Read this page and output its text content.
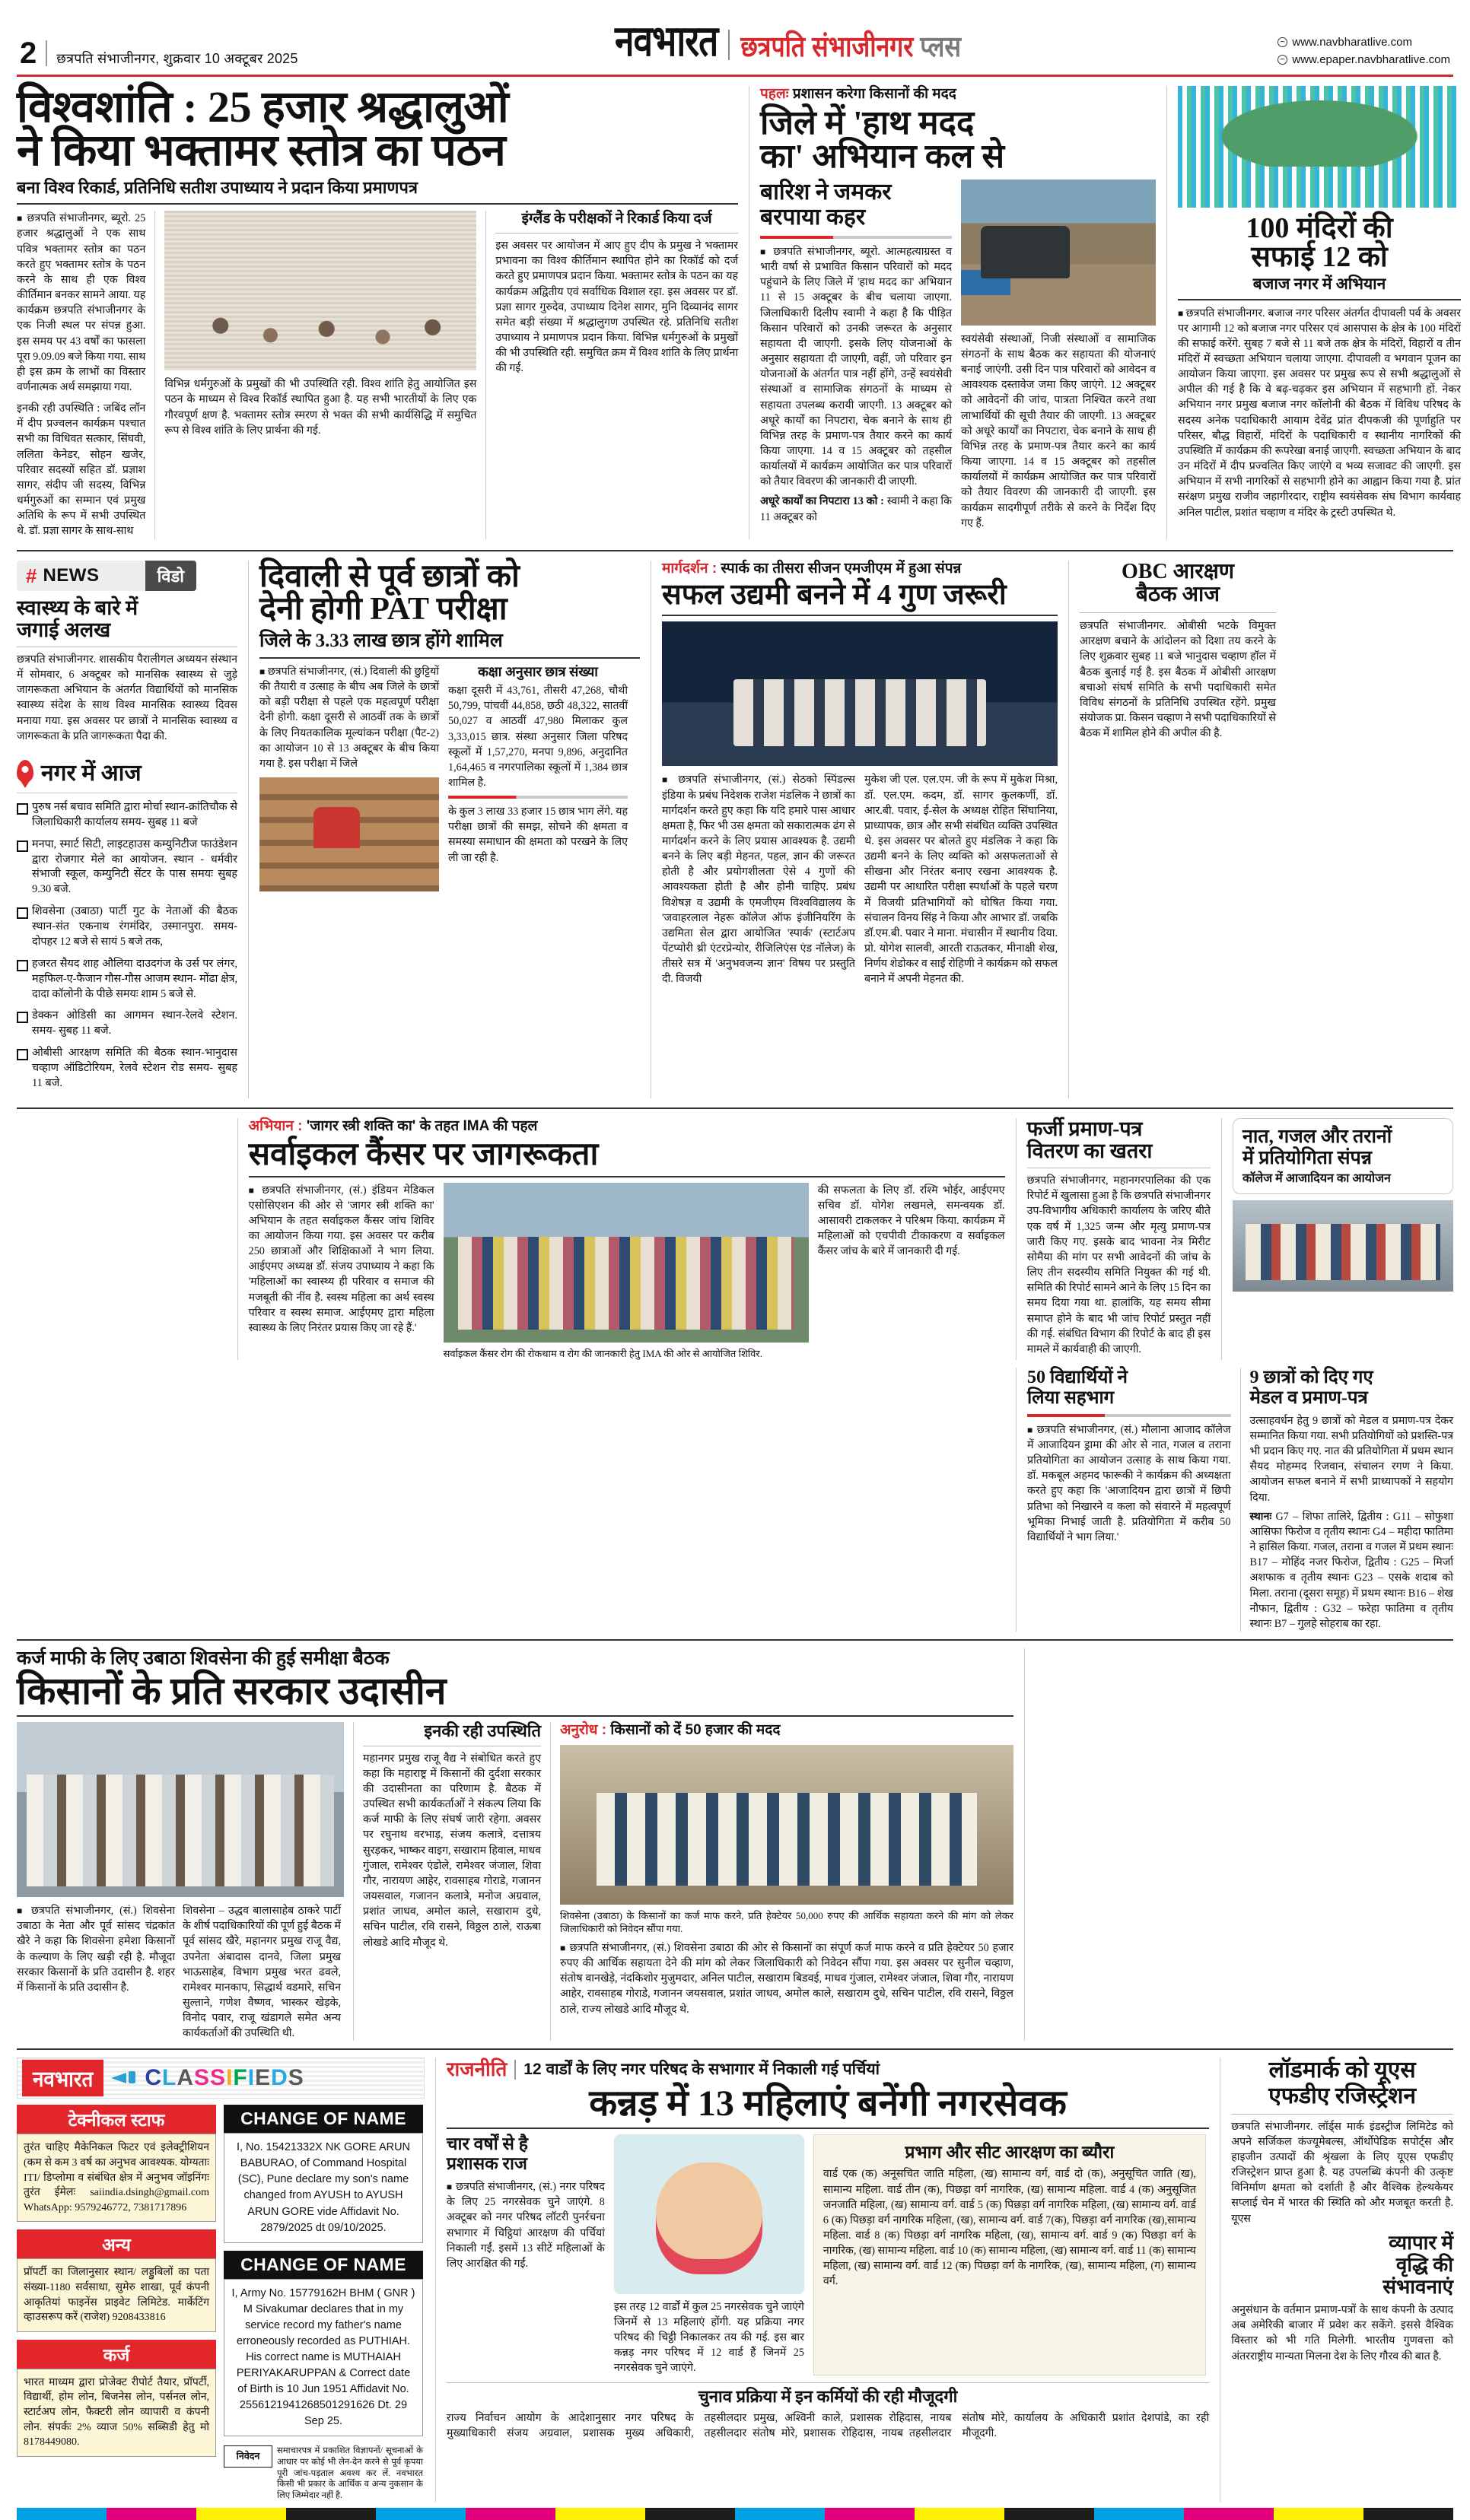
2 छत्रपति संभाजीनगर, शुक्रवार 10 अक्टूबर 2025	नवभारत छत्रपति संभाजीनगर प्लस	www.navbharatlive.com
www.epaper.navbharatlive.com
विश्वशांति : 25 हजार श्रद्धालुओं
ने किया भक्तामर स्तोत्र का पठन
बना विश्व रिकार्ड, प्रतिनिधि सतीश उपाध्याय ने प्रदान किया प्रमाणपत्र

■ छत्रपति संभाजीनगर, ब्यूरो. 25 हजार श्रद्धालुओं ने एक साथ पवित्र भक्तामर स्तोत्र का पठन करते हुए भक्तामर स्तोत्र के पठन करने के साथ ही एक विश्व कीर्तिमान बनकर सामने आया. यह कार्यक्रम छत्रपति संभाजीनगर के एक निजी स्थल पर संपन्न हुआ. इस समय पर 43 वर्षों का फासला पूरा 9.09.09 बजे किया गया. साथ ही इस क्रम के लाभों का विस्तार वर्णनात्मक अर्थ समझाया गया.

इनकी रही उपस्थिति : जबिंद लॉन में दीप प्रज्वलन कार्यक्रम पश्चात सभी का विधिवत सत्कार, सिंघवी, ललिता केनेडर, सोहन खजेर, परिवार सदस्यों सहित डॉ. प्रज्ञाश सागर, संदीप जी सदस्य, विभिन्न धर्मगुरुओं का सम्मान एवं प्रमुख अतिथि के रूप में सभी उपस्थित थे. डॉ. प्रज्ञा सागर के साथ-साथ

विभिन्न धर्मगुरुओं के प्रमुखों की भी उपस्थिति रही. विश्व शांति हेतु आयोजित इस पठन के माध्यम से विश्व रिकॉर्ड स्थापित हुआ है. यह सभी भारतीयों के लिए एक गौरवपूर्ण क्षण है. भक्तामर स्तोत्र स्मरण से भक्त की सभी कार्यसिद्धि में समुचित रूप से विश्व शांति के लिए प्रार्थना की गई.

इंग्लैंड के परीक्षकों ने रिकार्ड किया दर्ज

इस अवसर पर आयोजन में आए हुए दीप के प्रमुख ने भक्तामर प्रभावना का विश्व कीर्तिमान स्थापित होने का रिकॉर्ड को दर्ज करते हुए प्रमाणपत्र प्रदान किया. भक्तामर स्तोत्र के पठन का यह कार्यक्रम अद्वितीय एवं सर्वाधिक विशाल रहा. इस अवसर पर डॉ. प्रज्ञा सागर गुरुदेव, उपाध्याय दिनेश सागर, मुनि दिव्यानंद सागर समेत बड़ी संख्या में श्रद्धालुगण उपस्थित रहे. प्रतिनिधि सतीश उपाध्याय ने प्रमाणपत्र प्रदान किया. विभिन्न धर्मगुरुओं के प्रमुखों की भी उपस्थिति रही. समुचित क्रम में विश्व शांति के लिए प्रार्थना की गई.

पहलः प्रशासन करेगा किसानों की मदद
जिले में 'हाथ मदद
का' अभियान कल से
बारिश ने जमकर
बरपाया कहर

■ छत्रपति संभाजीनगर, ब्यूरो. आत्महत्याग्रस्त व भारी वर्षा से प्रभावित किसान परिवारों को मदद पहुंचाने के लिए जिले में 'हाथ मदद का' अभियान 11 से 15 अक्टूबर के बीच चलाया जाएगा. जिलाधिकारी दिलीप स्वामी ने कहा है कि पीड़ित किसान परिवारों को उनकी जरूरत के अनुसार सहायता दी जाएगी. इसके लिए योजनाओं के अनुसार सहायता दी जाएगी, वहीं, जो परिवार इन योजनाओं के अंतर्गत पात्र नहीं होंगे, उन्हें स्वयंसेवी संस्थाओं व सामाजिक संगठनों के माध्यम से सहायता उपलब्ध करायी जाएगी. 13 अक्टूबर को अधूरे कार्यों का निपटारा, चेक बनाने के साथ ही विभिन्न तरह के प्रमाण-पत्र तैयार करने का कार्य किया जाएगा. 14 व 15 अक्टूबर को तहसील कार्यालयों में कार्यक्रम आयोजित कर पात्र परिवारों को तैयार विवरण की जानकारी दी जाएगी.

अधूरे कार्यों का निपटारा 13 को : स्वामी ने कहा कि 11 अक्टूबर को

स्वयंसेवी संस्थाओं, निजी संस्थाओं व सामाजिक संगठनों के साथ बैठक कर सहायता की योजनाएं बनाई जाएंगी. उसी दिन पात्र परिवारों को आवेदन व आवश्यक दस्तावेज जमा किए जाएंगे. 12 अक्टूबर को आवेदनों की जांच, पात्रता निश्चित करने तथा लाभार्थियों की सूची तैयार की जाएगी. 13 अक्टूबर को अधूरे कार्यों का निपटारा, चेक बनाने के साथ ही विभिन्न तरह के प्रमाण-पत्र तैयार करने का कार्य किया जाएगा. 14 व 15 अक्टूबर को तहसील कार्यालयों में कार्यक्रम आयोजित कर पात्र परिवारों को तैयार विवरण की जानकारी दी जाएगी. इस कार्यक्रम सादगीपूर्ण तरीके से करने के निर्देश दिए गए हैं.

100 मंदिरों की
सफाई 12 को
बजाज नगर में अभियान

■ छत्रपति संभाजीनगर. बजाज नगर परिसर अंतर्गत दीपावली पर्व के अवसर पर आगामी 12 को बजाज नगर परिसर एवं आसपास के क्षेत्र के 100 मंदिरों की सफाई करेंगे. सुबह 7 बजे से 11 बजे तक क्षेत्र के मंदिरों, विहारों व तीन मंदिरों में स्वच्छता अभियान चलाया जाएगा. दीपावली व भगवान पूजन का आयोजन किया जाएगा. इस अवसर पर प्रमुख रूप से सभी श्रद्धालुओं से अपील की गई है कि वे बढ़-चढ़कर इस अभियान में सहभागी हों. नेकर अभियान नगर प्रमुख बजाज नगर कॉलोनी की बैठक में विविध परिषद के सदस्य अनेक पदाधिकारी आयाम देवेंद्र प्रांत दीपकजी की पूर्णाहुति पर परिसर, बौद्ध विहारों, मंदिरों के पदाधिकारी व स्थानीय नागरिकों की उपस्थिति में कार्यक्रम की रूपरेखा बनाई जाएगी. स्वच्छता अभियान के बाद उन मंदिरों में दीप प्रज्वलित किए जाएंगे व भव्य सजावट की जाएगी. इस अभियान में सभी नागरिकों से सहभागी होने का आह्वान किया गया है. प्रांत सरंक्षण प्रमुख राजीव जहागीरदार, राष्ट्रीय स्वयंसेवक संघ विभाग कार्यवाह अनिल पाटील, प्रशांत चव्हाण व मंदिर के ट्रस्टी उपस्थित थे.

# NEWS	विडो
स्वास्थ्य के बारे में
जगाई अलख

छत्रपति संभाजीनगर. शासकीय पैरालीगल अध्ययन संस्थान में सोमवार, 6 अक्टूबर को मानसिक स्वास्थ्य से जुड़े जागरूकता अभियान के अंतर्गत विद्यार्थियों को मानसिक स्वास्थ्य संदेश के साथ विश्व मानसिक स्वास्थ्य दिवस मनाया गया. इस अवसर पर छात्रों ने मानसिक स्वास्थ्य व जागरूकता के प्रति जागरूकता पैदा की.

नगर में आज
पुरुष नर्स बचाव समिति द्वारा मोर्चा स्थान-क्रांतिचौक से जिलाधिकारी कार्यालय समय- सुबह 11 बजे
मनपा, स्मार्ट सिटी, लाइटहाउस कम्युनिटीज फाउंडेशन द्वारा रोजगार मेले का आयोजन. स्थान - धर्मवीर संभाजी स्कूल, कम्युनिटी सेंटर के पास समयः सुबह 9.30 बजे.
शिवसेना (उबाठा) पार्टी गुट के नेताओं की बैठक स्थान-संत एकनाथ रंगमंदिर, उस्मानपुरा. समय- दोपहर 12 बजे से सायं 5 बजे तक,
हजरत सैयद शाह औलिया दाउदगंज के उर्स पर लंगर, महफिल-ए-फैजान गौस-गौस आजम स्थान- मोंढा क्षेत्र, दादा कॉलोनी के पीछे समयः शाम 5 बजे से.
डेक्कन ओडिसी का आगमन स्थान-रेलवे स्टेशन. समय- सुबह 11 बजे.
ओबीसी आरक्षण समिति की बैठक स्थान-भानुदास चव्हाण ऑडिटोरियम, रेलवे स्टेशन रोड समय- सुबह 11 बजे.
दिवाली से पूर्व छात्रों को
देनी होगी PAT परीक्षा
जिले के 3.33 लाख छात्र होंगे शामिल

■ छत्रपति संभाजीनगर, (सं.) दिवाली की छुट्टियों की तैयारी व उत्साह के बीच अब जिले के छात्रों को बड़ी परीक्षा से पहले एक महत्वपूर्ण परीक्षा देनी होगी. कक्षा दूसरी से आठवीं तक के छात्रों के लिए नियतकालिक मूल्यांकन परीक्षा (पैट-2) का आयोजन 10 से 13 अक्टूबर के बीच किया गया है. इस परीक्षा में जिले

कक्षा अनुसार छात्र संख्या

कक्षा दूसरी में 43,761, तीसरी 47,268, चौथी 50,799, पांचवीं 44,858, छठी 48,322, सातवीं 50,027 व आठवीं 47,980 मिलाकर कुल 3,33,015 छात्र. संस्था अनुसार जिला परिषद स्कूलों में 1,57,270, मनपा 9,896, अनुदानित 1,64,465 व नगरपालिका स्कूलों में 1,384 छात्र शामिल है.

के कुल 3 लाख 33 हजार 15 छात्र भाग लेंगे. यह परीक्षा छात्रों की समझ, सोचने की क्षमता व समस्या समाधान की क्षमता को परखने के लिए ली जा रही है.

मार्गदर्शन : स्पार्क का तीसरा सीजन एमजीएम में हुआ संपन्न
सफल उद्यमी बनने में 4 गुण जरूरी

■ छत्रपति संभाजीनगर, (सं.) सेठको स्पिंडल्स इंडिया के प्रबंध निदेशक राजेश मंडलिक ने छात्रों का मार्गदर्शन करते हुए कहा कि यदि हमारे पास आधार क्षमता है, फिर भी उस क्षमता को सकारात्मक ढंग से मार्गदर्शन करने के लिए प्रयास आवश्यक है. उद्यमी बनने के लिए बड़ी मेहनत, पहल, ज्ञान की जरूरत होती है और प्रयोगशीलता ऐसे 4 गुणों की आवश्यकता होती है और होनी चाहिए. प्रबंध विशेषज्ञ व उद्यमी के एमजीएम विश्वविद्यालय के 'जवाहरलाल नेहरू कॉलेज ऑफ इंजीनियरिंग के उद्यमिता सेल द्वारा आयोजित 'स्पार्क' (स्टार्टअप पेंटप्योरी थ्री एंटरप्रेन्योर, रीजिलिएंस एंड नॉलेज) के तीसरे सत्र में 'अनुभवजन्य ज्ञान' विषय पर प्रस्तुति दी. विजयी

मुकेश जी एल. एल.एम. जी के रूप में मुकेश मिश्रा, डॉ. एल.एम. कदम, डॉ. सागर कुलकर्णी, डॉ. आर.बी. पवार, ई-सेल के अध्यक्ष रोहित सिंघानिया, प्राध्यापक, छात्र और सभी संबंधित व्यक्ति उपस्थित थे. इस अवसर पर बोलते हुए मंडलिक ने कहा कि उद्यमी बनने के लिए व्यक्ति को असफलताओं से सीखना और निरंतर बनाए रखना आवश्यक है. उद्यमी पर आधारित परीक्षा स्पर्धाओं के पहले चरण में विजयी प्रतिभागियों को घोषित किया गया. संचालन विनय सिंह ने किया और आभार डॉ. जबकि डॉ.एम.बी. पवार ने माना. मंचासीन में स्थानीय दिया. प्रो. योगेश सालवी, आरती राऊतकर, मीनाक्षी शेख, निर्णय शेडोकर व साईं रोहिणी ने कार्यक्रम को सफल बनाने में अपनी मेहनत की.

OBC आरक्षण
बैठक आज

छत्रपति संभाजीनगर. ओबीसी भटके विमुक्त आरक्षण बचाने के आंदोलन को दिशा तय करने के लिए शुक्रवार सुबह 11 बजे भानुदास चव्हाण हॉल में बैठक बुलाई गई है. इस बैठक में ओबीसी आरक्षण बचाओ संघर्ष समिति के सभी पदाधिकारी समेत विविध संगठनों के प्रतिनिधि उपस्थित रहेंगे. प्रमुख संयोजक प्रा. किसन चव्हाण ने सभी पदाधिकारियों से बैठक में शामिल होने की अपील की है.

अभियान : 'जागर स्त्री शक्ति का' के तहत IMA की पहल
सर्वाइकल कैंसर पर जागरूकता

■ छत्रपति संभाजीनगर, (सं.) इंडियन मेडिकल एसोसिएशन की ओर से 'जागर स्त्री शक्ति का' अभियान के तहत सर्वाइकल कैंसर जांच शिविर का आयोजन किया गया. इस अवसर पर करीब 250 छात्राओं और शिक्षिकाओं ने भाग लिया. आईएमए अध्यक्ष डॉ. संजय उपाध्याय ने कहा कि 'महिलाओं का स्वास्थ्य ही परिवार व समाज की मजबूती की नींव है. स्वस्थ महिला का अर्थ स्वस्थ परिवार व स्वस्थ समाज. आईएमए द्वारा महिला स्वास्थ्य के लिए निरंतर प्रयास किए जा रहे हैं.'

सर्वाइकल कैंसर रोग की रोकथाम व रोग की जानकारी हेतु IMA की ओर से आयोजित शिविर.

की सफलता के लिए डॉ. रश्मि भोईर, आईएमए सचिव डॉ. योगेश लखमले, समन्वयक डॉ. आसावरी टाकलकर ने परिश्रम किया. कार्यक्रम में महिलाओं को एचपीवी टीकाकरण व सर्वाइकल कैंसर जांच के बारे में जानकारी दी गई.

फर्जी प्रमाण-पत्र
वितरण का खतरा

छत्रपति संभाजीनगर, महानगरपालिका की एक रिपोर्ट में खुलासा हुआ है कि छत्रपति संभाजीनगर उप-विभागीय अधिकारी कार्यालय के जरिए बीते एक वर्ष में 1,325 जन्म और मृत्यु प्रमाण-पत्र जारी किए गए. इसके बाद भावना नेत्र मिरीट सोमैया की मांग पर सभी आवेदनों की जांच के लिए तीन सदस्यीय समिति नियुक्त की गई थी. समिति की रिपोर्ट सामने आने के लिए 15 दिन का समय दिया गया था. हालांकि, यह समय सीमा समाप्त होने के बाद भी जांच रिपोर्ट प्रस्तुत नहीं की गई. संबंधित विभाग की रिपोर्ट के बाद ही इस मामले में कार्यवाही की जाएगी.

नात, गजल और तरानों
में प्रतियोगिता संपन्न
कॉलेज में आजादियन का आयोजन
50 विद्यार्थियों ने
लिया सहभाग

■ छत्रपति संभाजीनगर, (सं.) मौलाना आजाद कॉलेज में आजादियन ड्रामा की ओर से नात, गजल व तराना प्रतियोगिता का आयोजन उत्साह के साथ किया गया. डॉ. मकबूल अहमद फारूकी ने कार्यक्रम की अध्यक्षता करते हुए कहा कि 'आजादियन द्वारा छात्रों में छिपी प्रतिभा को निखारने व कला को संवारने में महत्वपूर्ण भूमिका निभाई जाती है. प्रतियोगिता में करीब 50 विद्यार्थियों ने भाग लिया.'

9 छात्रों को दिए गए
मेडल व प्रमाण-पत्र

उत्साहवर्धन हेतु 9 छात्रों को मेडल व प्रमाण-पत्र देकर सम्मानित किया गया. सभी प्रतियोगियों को प्रशस्ति-पत्र भी प्रदान किए गए. नात की प्रतियोगिता में प्रथम स्थान सैयद मोहम्मद रिजवान, संचालन रगण ने किया. आयोजन सफल बनाने में सभी प्राध्यापकों ने सहयोग दिया.

स्थानः G7 – शिफा तालिरे, द्वितीय : G11 – सोफुशा आसिफा फिरोज व तृतीय स्थानः G4 – महीदा फातिमा ने हासिल किया. गजल, तराना व गजल में प्रथम स्थानः B17 – मोहिंद नजर फिरोज, द्वितीय : G25 – मिर्जा अशफाक व तृतीय स्थानः G23 – एसके शदाब को मिला. तराना (दूसरा समूह) में प्रथम स्थानः B16 – शेख नौफान, द्वितीय : G32 – फरेहा फातिमा व तृतीय स्थानः B7 – गुलहे सोहराब का रहा.

कर्ज माफी के लिए उबाठा शिवसेना की हुई समीक्षा बैठक
किसानों के प्रति सरकार उदासीन

■ छत्रपति संभाजीनगर, (सं.) शिवसेना उबाठा के नेता और पूर्व सांसद चंद्रकांत खैरे ने कहा कि शिवसेना हमेशा किसानों के कल्याण के लिए खड़ी रही है. मौजूदा सरकार किसानों के प्रति उदासीन है. शहर में किसानों के प्रति उदासीन है.

शिवसेना – उद्धव बालासाहेब ठाकरे पार्टी के शीर्ष पदाधिकारियों की पूर्ण हुई बैठक में पूर्व सांसद खैरे, महानगर प्रमुख राजू वैद्य, उपनेता अंबादास दानवे, जिला प्रमुख भाऊसाहेब, विभाग प्रमुख भरत ढवले, रामेश्वर मानकाप, सिद्धार्थ वडमारे, सचिन सुल्ताने, गणेश वैष्णव, भास्कर खेड़के, विनोद पवार, राजू खंडागले समेत अन्य कार्यकर्ताओं की उपस्थिति थी.

इनकी रही उपस्थिति

महानगर प्रमुख राजू वैद्य ने संबोधित करते हुए कहा कि महाराष्ट्र में किसानों की दुर्दशा सरकार की उदासीनता का परिणाम है. बैठक में उपस्थित सभी कार्यकर्ताओं ने संकल्प लिया कि कर्ज माफी के लिए संघर्ष जारी रहेगा. अवसर पर रघुनाथ वरभाड़, संजय कलात्रे, दत्तात्रय सुरड़कर, भाष्कर वाइग, सखाराम हिवाल, माधव गुंजाल, रामेश्वर एंडोले, रामेश्वर जंजाल, शिवा गौर, नारायण आहेर, रावसाहब गोराडे, गजानन जयसवाल, गजानन कलात्रे, मनोज अग्रवाल, प्रशांत जाधव, अमोल काले, सखाराम दुधे, सचिन पाटील, रवि रासने, विठ्ठल ठाले, राऊबा लोखडे आदि मौजूद थे.

अनुरोध : किसानों को दें 50 हजार की मदद

शिवसेना (उबाठा) के किसानों का कर्ज माफ करने, प्रति हेक्टेयर 50,000 रुपए की आर्थिक सहायता करने की मांग को लेकर जिलाधिकारी को निवेदन सौंपा गया.

■ छत्रपति संभाजीनगर, (सं.) शिवसेना उबाठा की ओर से किसानों का संपूर्ण कर्ज माफ करने व प्रति हेक्टेयर 50 हजार रुपए की आर्थिक सहायता देने की मांग को लेकर जिलाधिकारी को निवेदन सौंपा गया. इस अवसर पर सुनील चव्हाण, संतोष वानखेड़े, नंदकिशोर मुजुमदार, अनिल पाटील, सखाराम बिडवई, माधव गुंजाल, रामेश्वर जंजाल, शिवा गौर, नारायण आहेर, रावसाहब गोराडे, गजानन जयसवाल, प्रशांत जाधव, अमोल काले, सखाराम दुधे, सचिन पाटील, रवि रासने, विठ्ठल ठाले, राज्य लोखडे आदि मौजूद थे.

नवभारत	C L A S S I F I E D S
टेक्नीकल स्टाफ
तुरंत चाहिए मैकेनिकल फिटर एवं इलेक्ट्रीशियन (कम से कम 3 वर्ष का अनुभव आवश्यक. योग्यताः ITI/ डिप्लोमा व संबंधित क्षेत्र में अनुभव जॉइनिंगः तुरंत ईमेलः saiindia.dsingh@gmail.com WhatsApp: 9579246772, 7381717896
अन्य
प्रॉपर्टी का जिलानुसार स्थान/ लड्डुबिलों का पता संख्या-1180 सर्वसाधा, सुमेरु शाखा, पूर्व कंपनी आकृतियां फाइनेंस प्राइवेट लिमिटेड. मार्केटिंग व्हाउसरूप करें (राजेश) 9208433816
कर्ज
भारत माध्यम द्वारा प्रोजेक्ट रीपोर्ट तैयार, प्रॉपर्टी, विद्यार्थी, होम लोन, बिजनेस लोन, पर्सनल लोन, स्टार्टअप लोन, फैक्टरी लोन व्यापारी व कंपनी लोन. संपर्कः 2% व्याज 50% सब्सिडी हेतु मो 8178449080.
CHANGE OF NAME
I, No. 15421332X NK GORE ARUN BABURAO, of Command Hospital (SC), Pune declare my son's name changed from AYUSH to AYUSH ARUN GORE vide Affidavit No. 2879/2025 dt 09/10/2025.
CHANGE OF NAME
I, Army No. 15779162H BHM ( GNR ) M Sivakumar declares that in my service record my father's name erroneously recorded as PUTHIAH. His correct name is MUTHAIAH PERIYAKARUPPAN & Correct date of Birth is 10 Jun 1951 Affidavit No. 2556121941268501291626 Dt. 29 Sep 25.
निवेदन	समाचारपत्र में प्रकाशित विज्ञापनों/ सूचनाओं के आधार पर कोई भी लेन-देन करने से पूर्व कृपया पूरी जांच-पड़ताल अवश्य कर लें. नवभारत किसी भी प्रकार के आर्थिक व अन्य नुकसान के लिए जिम्मेदार नहीं है.
राजनीति 12 वार्डों के लिए नगर परिषद के सभागार में निकाली गई पर्चियां
कन्नड़ में 13 महिलाएं बनेंगी नगरसेवक
चार वर्षों से है
प्रशासक राज

■ छत्रपति संभाजीनगर, (सं.) नगर परिषद के लिए 25 नगरसेवक चुने जाएंगे. 8 अक्टूबर को नगर परिषद लॉटरी पुनर्रचना सभागार में चिट्ठियां आरक्षण की पर्चियां निकाली गईं. इसमें 13 सीटें महिलाओं के लिए आरक्षित की गईं.

इस तरह 12 वार्डों में कुल 25 नगरसेवक चुने जाएंगे जिनमें से 13 महिलाएं होंगी. यह प्रक्रिया नगर परिषद की चिट्ठी निकालकर तय की गई. इस बार कन्नड़ नगर परिषद में 12 वार्ड हैं जिनमें 25 नगरसेवक चुने जाएंगे.

प्रभाग और सीट आरक्षण का ब्यौरा

वार्ड एक (क) अनूसचित जाति महिला, (ख) सामान्य वर्ग, वार्ड दो (क), अनुसूचित जाति (ख), सामान्य महिला. वार्ड तीन (क), पिछड़ा वर्ग नागरिक, (ख) सामान्य महिला. वार्ड 4 (क) अनुसूजित जनजाति महिला, (ख) सामान्य वर्ग. वार्ड 5 (क) पिछड़ा वर्ग नागरिक महिला, (ख) सामान्य वर्ग. वार्ड 6 (क) पिछड़ा वर्ग नागरिक महिला, (ख), सामान्य वर्ग. वार्ड 7(क), पिछड़ा वर्ग नागरिक (ख),सामान्य महिला. वार्ड 8 (क) पिछड़ा वर्ग नागरिक महिला, (ख), सामान्य वर्ग. वार्ड 9 (क) पिछड़ा वर्ग के नागरिक, (ख) सामान्य महिला. वार्ड 10 (क) सामान्य महिला, (ख) सामान्य वर्ग. वार्ड 11 (क) सामान्य महिला, (ख) सामान्य वर्ग. वार्ड 12 (क) पिछड़ा वर्ग के नागरिक, (ख), सामान्य महिला, (ग) सामान्य वर्ग.

चुनाव प्रक्रिया में इन कर्मियों की रही मौजूदगी

राज्य निर्वाचन आयोग के आदेशानुसार नगर परिषद के मुख्याधिकारी संजय अग्रवाल, प्रशासक मुख्य अधिकारी, तहसीलदार प्रमुख, अश्विनी काले, प्रशासक रोहिदास, नायब तहसीलदार संतोष मोरे, प्रशासक रोहिदास, नायब तहसीलदार संतोष मोरे, कार्यालय के अधिकारी प्रशांत देशपांडे, का रही मौजूदगी.

लॉडमार्क को यूएस
एफडीए रजिस्ट्रेशन

छत्रपति संभाजीनगर. लॉर्ड्स मार्क इंडस्ट्रीज लिमिटेड को अपने सर्जिकल कंज्यूमेबल्स, ऑर्थोपेडिक सपोर्ट्स और हाइजीन उत्पादों की श्रृंखला के लिए यूएस एफडीए रजिस्ट्रेशन प्राप्त हुआ है. यह उपलब्धि कंपनी की उत्कृष्ट विनिर्माण क्षमता को दर्शाती है और वैश्विक हेल्थकेयर सप्लाई चेन में भारत की स्थिति को और मजबूत करती है. यूएस

व्यापार में
वृद्धि की
संभावनाएं

अनुसंधान के वर्तमान प्रमाण-पत्रों के साथ कंपनी के उत्पाद अब अमेरिकी बाजार में प्रवेश कर सकेंगे. इससे वैश्विक विस्तार को भी गति मिलेगी. भारतीय गुणवत्ता को अंतरराष्ट्रीय मान्यता मिलना देश के लिए गौरव की बात है.
